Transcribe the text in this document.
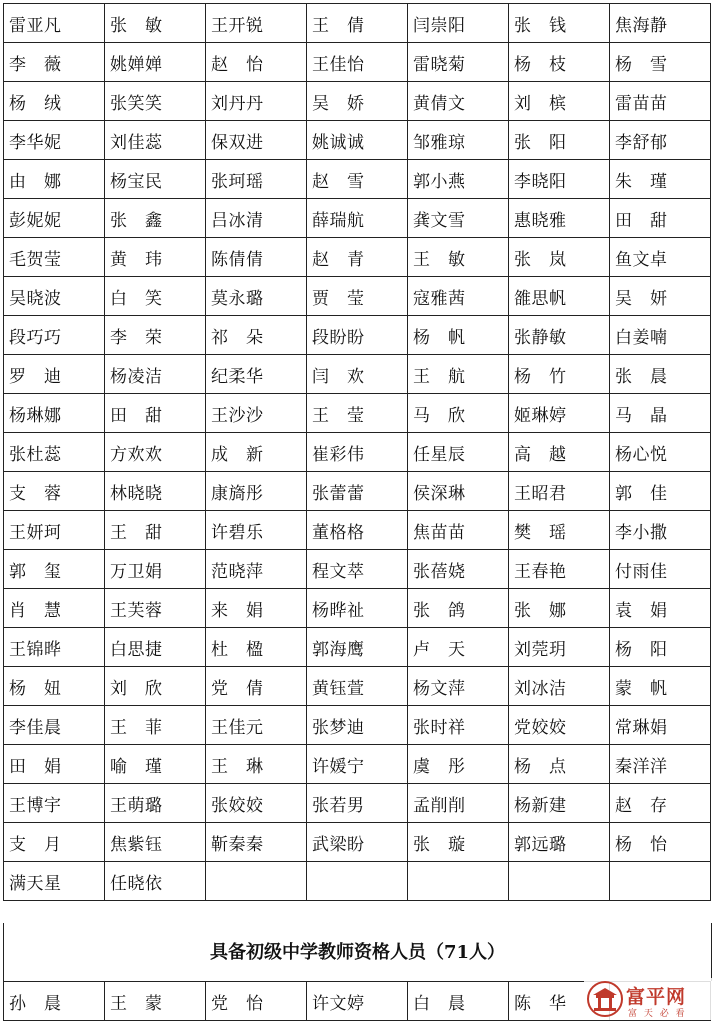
雷亚凡	张　敏	王开锐	王　倩	闫崇阳	张　钱	焦海静
李　薇	姚婵婵	赵　怡	王佳怡	雷晓菊	杨　枝	杨　雪
杨　绒	张笑笑	刘丹丹	吴　娇	黄倩文	刘　槟	雷苗苗
李华妮	刘佳蕊	保双进	姚诚诚	邹雅琼	张　阳	李舒郁
由　娜	杨宝民	张珂瑶	赵　雪	郭小燕	李晓阳	朱　瑾
彭妮妮	张　鑫	吕冰清	薛瑞航	龚文雪	惠晓雅	田　甜
毛贺莹	黄　玮	陈倩倩	赵　青	王　敏	张　岚	鱼文卓
吴晓波	白　笑	莫永璐	贾　莹	寇雅茜	雒思帆	吴　妍
段巧巧	李　荣	祁　朵	段盼盼	杨　帆	张静敏	白姜喃
罗　迪	杨凌洁	纪柔华	闫　欢	王　航	杨　竹	张　晨
杨琳娜	田　甜	王沙沙	王　莹	马　欣	姬琳婷	马　晶
张杜蕊	方欢欢	成　新	崔彩伟	任星辰	高　越	杨心悦
支　蓉	林晓晓	康旖彤	张蕾蕾	侯深琳	王昭君	郭　佳
王妍珂	王　甜	许碧乐	董格格	焦苗苗	樊　瑶	李小撒
郭　玺	万卫娟	范晓萍	程文萃	张蓓娆	王春艳	付雨佳
肖　慧	王芙蓉	来　娟	杨晔祉	张　鸽	张　娜	袁　娟
王锦晔	白思捷	杜　楹	郭海鹰	卢　天	刘莞玥	杨　阳
杨　妞	刘　欣	党　倩	黄钰萱	杨文萍	刘冰洁	蒙　帆
李佳晨	王　菲	王佳元	张梦迪	张时祥	党姣姣	常琳娟
田　娟	喻　瑾	王　琳	许媛宁	虞　彤	杨　点	秦洋洋
王博宇	王萌璐	张姣姣	张若男	孟削削	杨新建	赵　存
支　月	焦紫钰	靳秦秦	武梁盼	张　璇	郭远璐	杨　怡
满天星	任晓依					
具备初级中学教师资格人员（71人）
孙　晨	王　蒙	党　怡	许文婷	白　晨	陈　华		富平网
富 天 必 看
